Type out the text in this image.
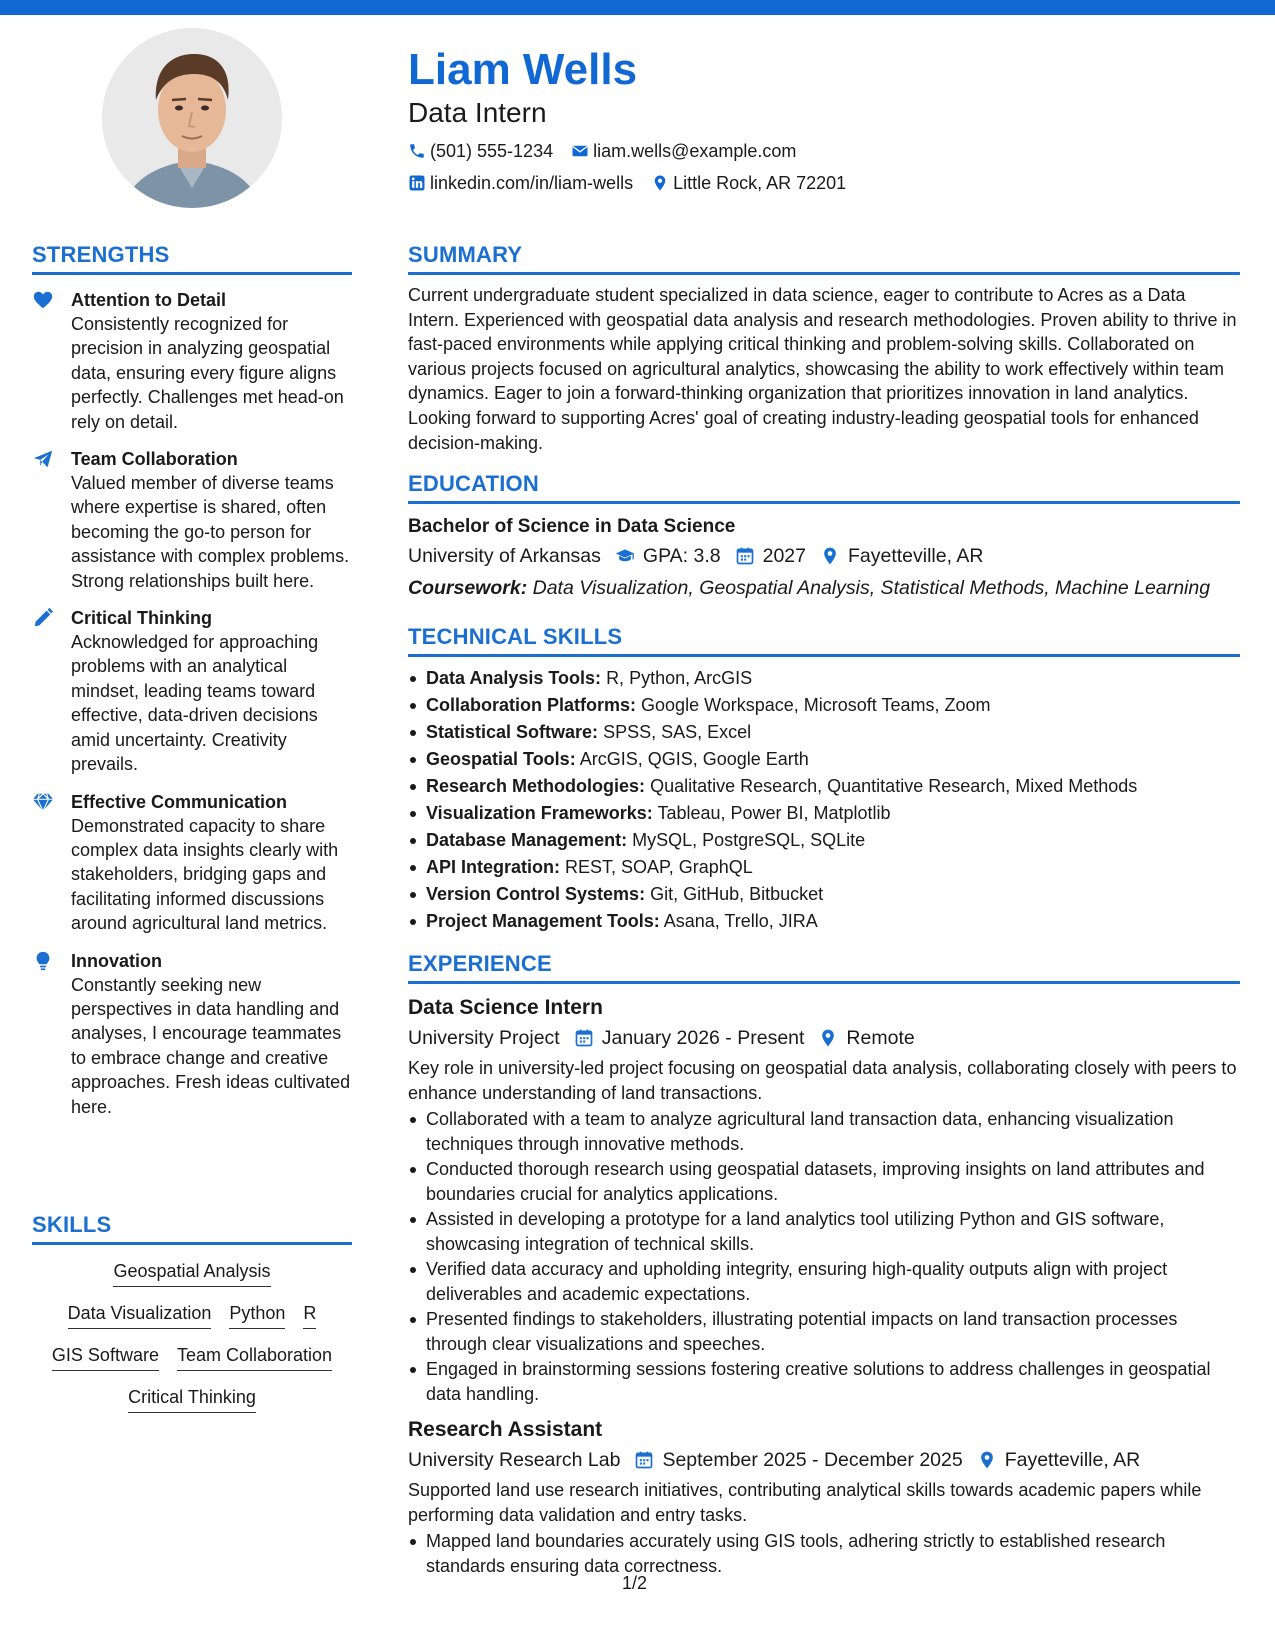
STRENGTHS
Attention to Detail
Consistently recognized for precision in analyzing geospatial data, ensuring every figure aligns perfectly. Challenges met head-on rely on detail.
Team Collaboration
Valued member of diverse teams where expertise is shared, often becoming the go-to person for assistance with complex problems. Strong relationships built here.
Critical Thinking
Acknowledged for approaching problems with an analytical mindset, leading teams toward effective, data-driven decisions amid uncertainty. Creativity prevails.
Effective Communication
Demonstrated capacity to share complex data insights clearly with stakeholders, bridging gaps and facilitating informed discussions around agricultural land metrics.
Innovation
Constantly seeking new perspectives in data handling and analyses, I encourage teammates to embrace change and creative approaches. Fresh ideas cultivated here.
SKILLS
Geospatial Analysis
Data Visualization Python R
GIS Software Team Collaboration
Critical Thinking
Liam Wells
Data Intern
(501) 555-1234 liam.wells@example.com
linkedin.com/in/liam-wells Little Rock, AR 72201
SUMMARY
Current undergraduate student specialized in data science, eager to contribute to Acres as a Data Intern. Experienced with geospatial data analysis and research methodologies. Proven ability to thrive in fast-paced environments while applying critical thinking and problem-solving skills. Collaborated on various projects focused on agricultural analytics, showcasing the ability to work effectively within team dynamics. Eager to join a forward-thinking organization that prioritizes innovation in land analytics. Looking forward to supporting Acres' goal of creating industry-leading geospatial tools for enhanced decision-making.
EDUCATION
Bachelor of Science in Data Science
University of Arkansas GPA: 3.8 2027 Fayetteville, AR
Coursework: Data Visualization, Geospatial Analysis, Statistical Methods, Machine Learning
TECHNICAL SKILLS
Data Analysis Tools: R, Python, ArcGIS
Collaboration Platforms: Google Workspace, Microsoft Teams, Zoom
Statistical Software: SPSS, SAS, Excel
Geospatial Tools: ArcGIS, QGIS, Google Earth
Research Methodologies: Qualitative Research, Quantitative Research, Mixed Methods
Visualization Frameworks: Tableau, Power BI, Matplotlib
Database Management: MySQL, PostgreSQL, SQLite
API Integration: REST, SOAP, GraphQL
Version Control Systems: Git, GitHub, Bitbucket
Project Management Tools: Asana, Trello, JIRA
EXPERIENCE
Data Science Intern
University Project January 2026 - Present Remote
Key role in university-led project focusing on geospatial data analysis, collaborating closely with peers to enhance understanding of land transactions.
Collaborated with a team to analyze agricultural land transaction data, enhancing visualization techniques through innovative methods.
Conducted thorough research using geospatial datasets, improving insights on land attributes and boundaries crucial for analytics applications.
Assisted in developing a prototype for a land analytics tool utilizing Python and GIS software, showcasing integration of technical skills.
Verified data accuracy and upholding integrity, ensuring high-quality outputs align with project deliverables and academic expectations.
Presented findings to stakeholders, illustrating potential impacts on land transaction processes through clear visualizations and speeches.
Engaged in brainstorming sessions fostering creative solutions to address challenges in geospatial data handling.
Research Assistant
University Research Lab September 2025 - December 2025 Fayetteville, AR
Supported land use research initiatives, contributing analytical skills towards academic papers while performing data validation and entry tasks.
Mapped land boundaries accurately using GIS tools, adhering strictly to established research standards ensuring data correctness.
1/2
